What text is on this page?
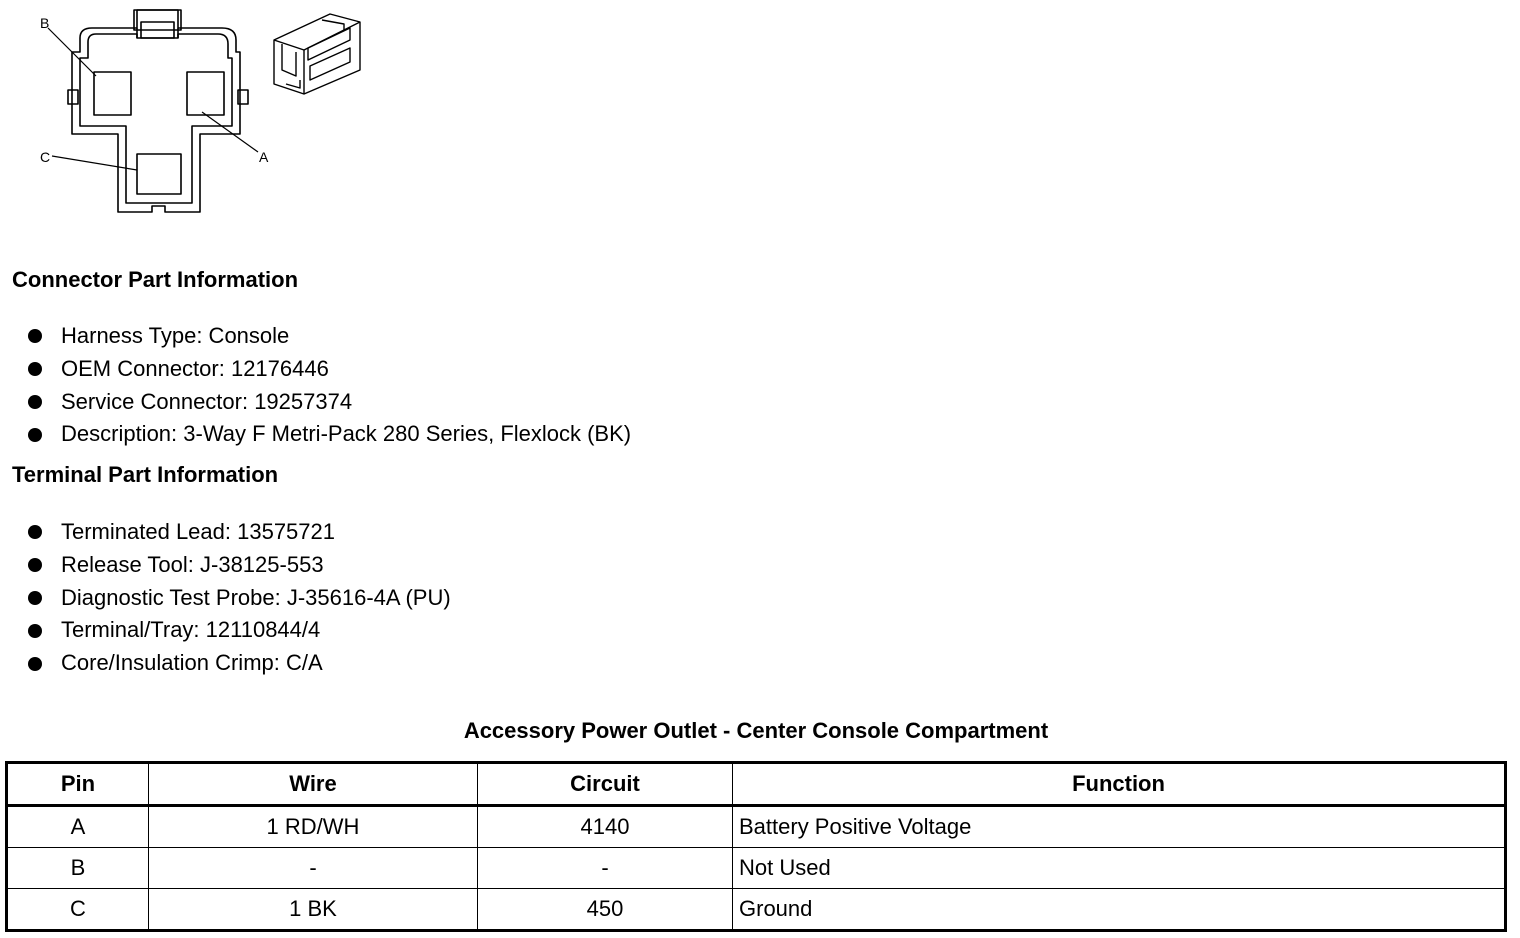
B
A
C
Connector Part Information
Harness Type: Console
OEM Connector: 12176446
Service Connector: 19257374
Description: 3-Way F Metri-Pack 280 Series, Flexlock (BK)
Terminal Part Information
Terminated Lead: 13575721
Release Tool: J-38125-553
Diagnostic Test Probe: J-35616-4A (PU)
Terminal/Tray: 12110844/4
Core/Insulation Crimp: C/A
Accessory Power Outlet - Center Console Compartment
Pin	Wire	Circuit	Function
A	1 RD/WH	4140	Battery Positive Voltage
B	-	-	Not Used
C	1 BK	450	Ground
